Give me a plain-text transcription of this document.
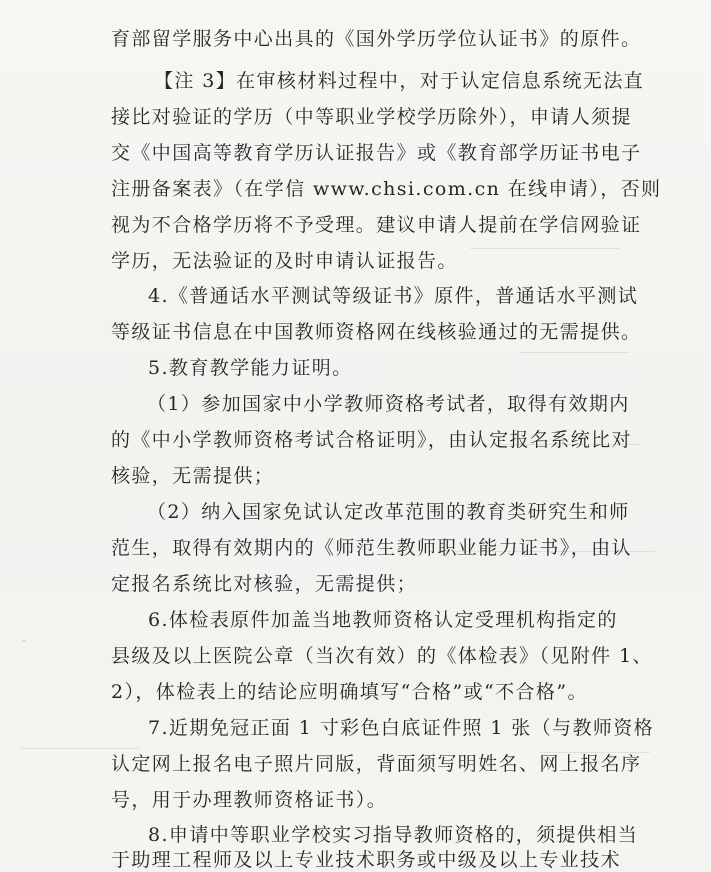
育部留学服务中心出具的《国外学历学位认证书》的原件。
【注 3】在审核材料过程中，对于认定信息系统无法直
接比对验证的学历（中等职业学校学历除外），申请人须提
交《中国高等教育学历认证报告》或《教育部学历证书电子
注册备案表》（在学信 www.chsi.com.cn 在线申请），否则
视为不合格学历将不予受理。建议申请人提前在学信网验证
学历，无法验证的及时申请认证报告。
4.《普通话水平测试等级证书》原件，普通话水平测试
等级证书信息在中国教师资格网在线核验通过的无需提供。
5.教育教学能力证明。
（1）参加国家中小学教师资格考试者，取得有效期内
的《中小学教师资格考试合格证明》，由认定报名系统比对
核验，无需提供；
（2）纳入国家免试认定改革范围的教育类研究生和师
范生，取得有效期内的《师范生教师职业能力证书》，由认
定报名系统比对核验，无需提供；
6.体检表原件加盖当地教师资格认定受理机构指定的
县级及以上医院公章（当次有效）的《体检表》（见附件 1、
2），体检表上的结论应明确填写“合格”或“不合格”。
7.近期免冠正面 1 寸彩色白底证件照 1 张（与教师资格
认定网上报名电子照片同版，背面须写明姓名、网上报名序
号，用于办理教师资格证书）。
8.申请中等职业学校实习指导教师资格的，须提供相当
于助理工程师及以上专业技术职务或中级及以上专业技术
